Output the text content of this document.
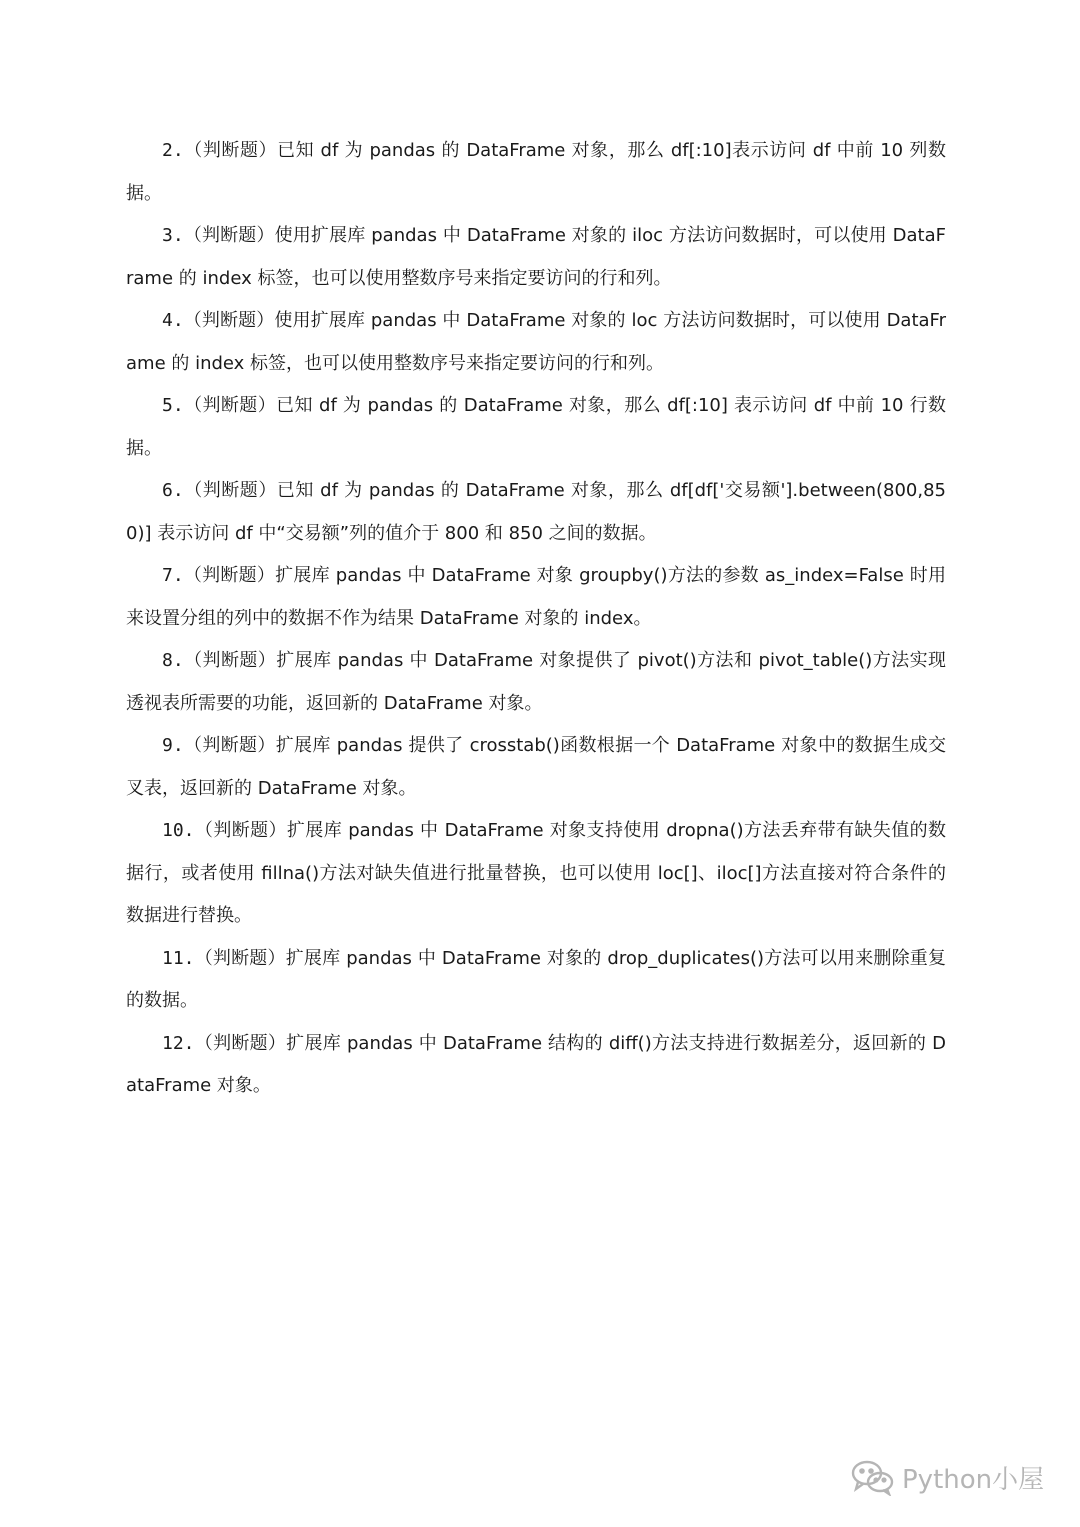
2.（判断题）已知 df 为 pandas 的 DataFrame 对象，那么 df[:10]表示访问 df 中前 10 列数据。

3.（判断题）使用扩展库 pandas 中 DataFrame 对象的 iloc 方法访问数据时，可以使用 DataFrame 的 index 标签，也可以使用整数序号来指定要访问的行和列。

4.（判断题）使用扩展库 pandas 中 DataFrame 对象的 loc 方法访问数据时，可以使用 DataFrame 的 index 标签，也可以使用整数序号来指定要访问的行和列。

5.（判断题）已知 df 为 pandas 的 DataFrame 对象，那么 df[:10] 表示访问 df 中前 10 行数据。

6.（判断题）已知 df 为 pandas 的 DataFrame 对象，那么 df[df['交易额'].between(800,850)] 表示访问 df 中“交易额”列的值介于 800 和 850 之间的数据。

7.（判断题）扩展库 pandas 中 DataFrame 对象 groupby()方法的参数 as_index=False 时用来设置分组的列中的数据不作为结果 DataFrame 对象的 index。

8.（判断题）扩展库 pandas 中 DataFrame 对象提供了 pivot()方法和 pivot_table()方法实现透视表所需要的功能，返回新的 DataFrame 对象。

9.（判断题）扩展库 pandas 提供了 crosstab()函数根据一个 DataFrame 对象中的数据生成交叉表，返回新的 DataFrame 对象。

10.（判断题）扩展库 pandas 中 DataFrame 对象支持使用 dropna()方法丢弃带有缺失值的数据行，或者使用 fillna()方法对缺失值进行批量替换，也可以使用 loc[]、iloc[]方法直接对符合条件的数据进行替换。

11.（判断题）扩展库 pandas 中 DataFrame 对象的 drop_duplicates()方法可以用来删除重复的数据。

12.（判断题）扩展库 pandas 中 DataFrame 结构的 diff()方法支持进行数据差分，返回新的 DataFrame 对象。

Python小屋
